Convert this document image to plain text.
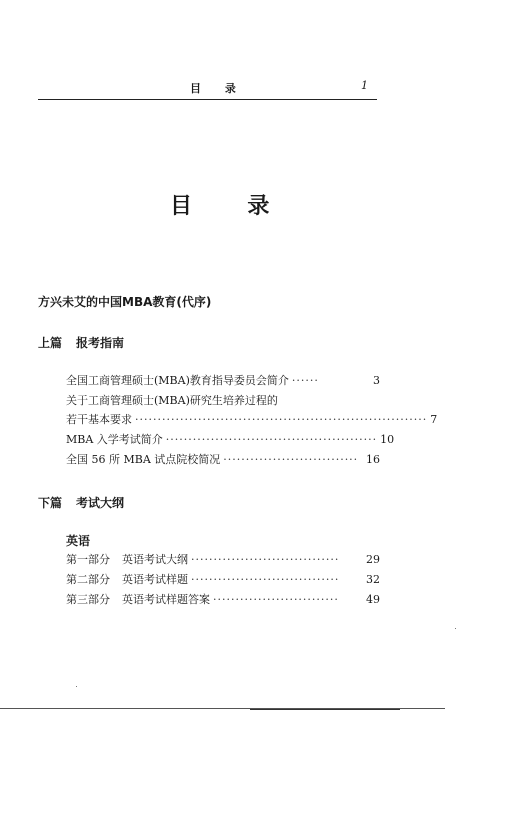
目 录	1
目	录
方兴未艾的中国MBA教育(代序)
上篇 报考指南
全国工商管理硕士(MBA)教育指导委员会简介 ······	3
关于工商管理硕士(MBA)研究生培养过程的
若干基本要求 ································································· 7
MBA 入学考试简介 ··············································· 10
全国 56 所 MBA 试点院校简况 ······························ 16
下篇 考试大纲
英语
第一部分 英语考试大纲 ·································	29
第二部分 英语考试样题 ·································	32
第三部分 英语考试样题答案 ····························	49
